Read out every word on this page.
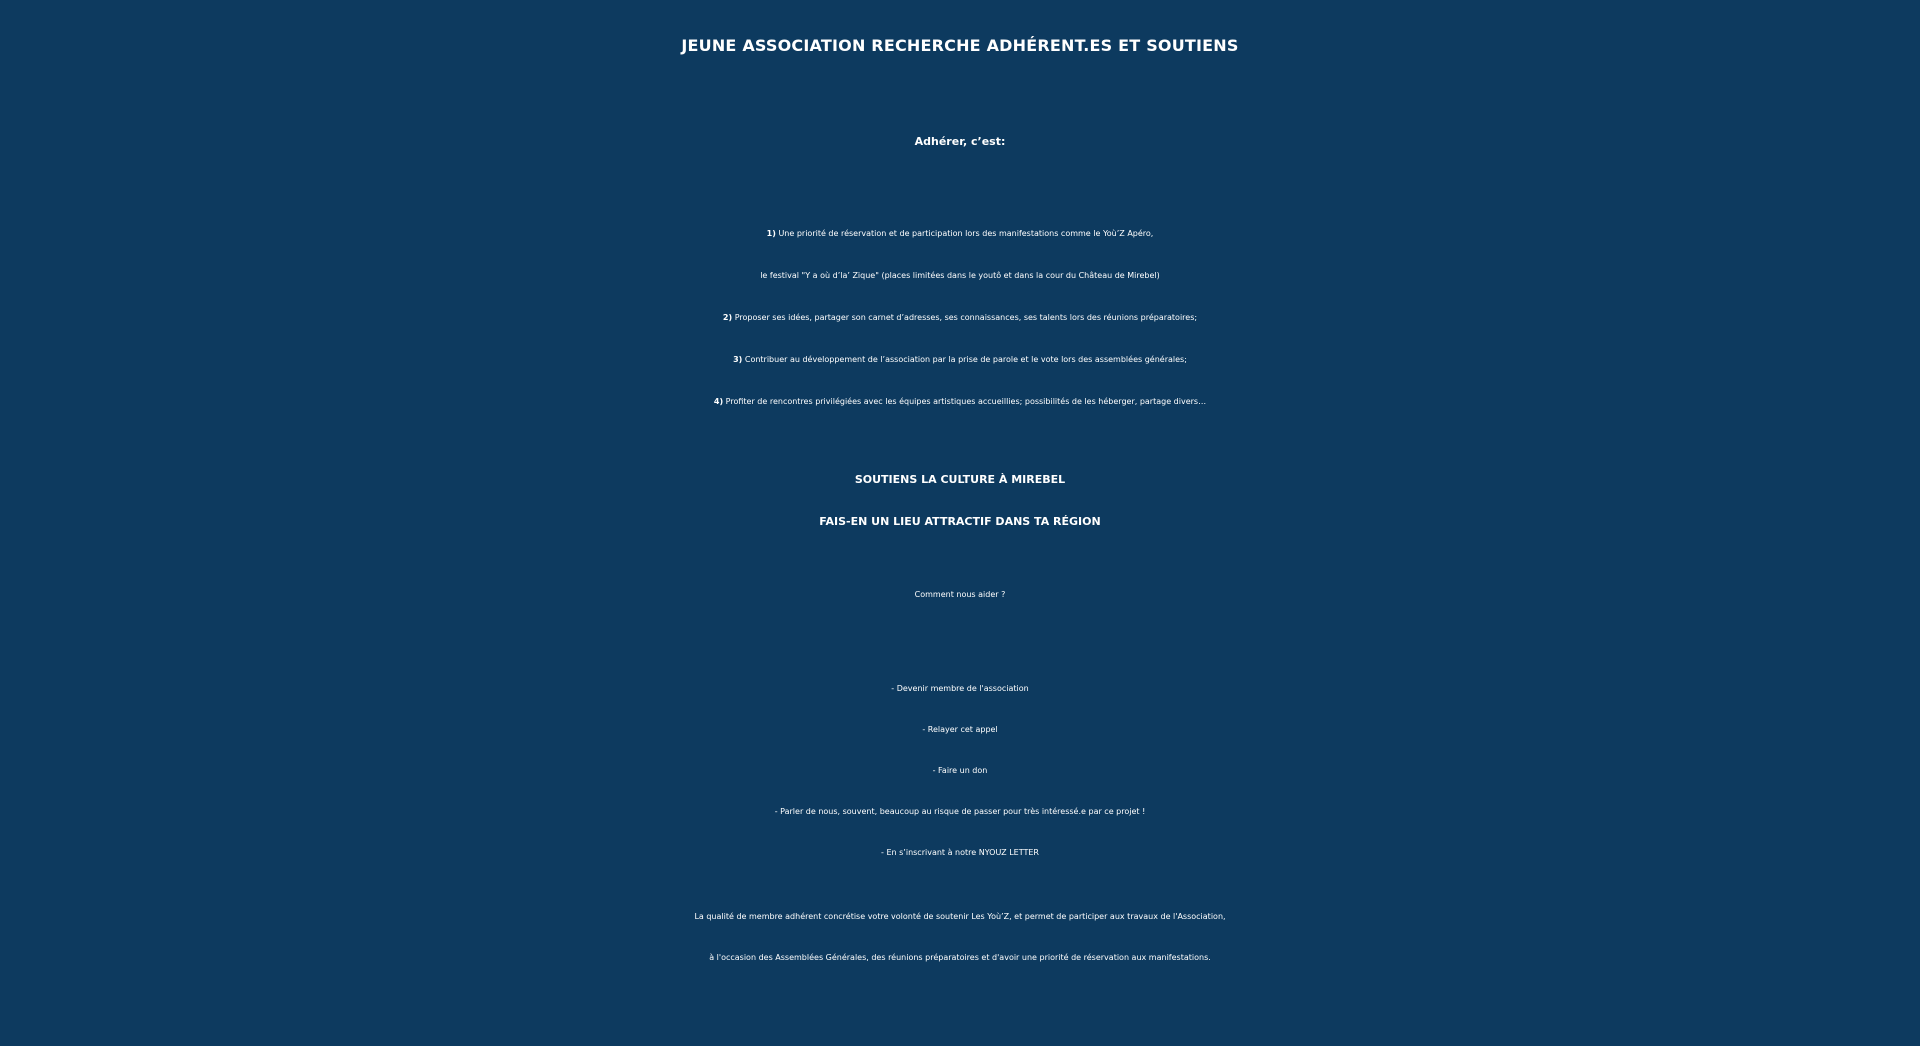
JEUNE ASSOCIATION RECHERCHE ADHÉRENT.ES ET SOUTIENS
Adhérer, c’est:
1) Une priorité de réservation et de participation lors des manifestations comme le Yoù’Z Apéro,
le festival "Y a où d’la’ Zique" (places limitées dans le youtô et dans la cour du Château de Mirebel)
2) Proposer ses idées, partager son carnet d’adresses, ses connaissances, ses talents lors des réunions préparatoires;
3) Contribuer au développement de l’association par la prise de parole et le vote lors des assemblées générales;
4) Profiter de rencontres privilégiées avec les équipes artistiques accueillies; possibilités de les héberger, partage divers…
SOUTIENS LA CULTURE À MIREBEL
FAIS-EN UN LIEU ATTRACTIF DANS TA RÉGION
Comment nous aider ?
- Devenir membre de l'association
- Relayer cet appel
- Faire un don
- Parler de nous, souvent, beaucoup au risque de passer pour très intéressé.e par ce projet !
- En s’inscrivant à notre NYOUZ LETTER
La qualité de membre adhérent concrétise votre volonté de soutenir Les Yoù’Z, et permet de participer aux travaux de l'Association,
à l'occasion des Assemblées Générales, des réunions préparatoires et d'avoir une priorité de réservation aux manifestations.
